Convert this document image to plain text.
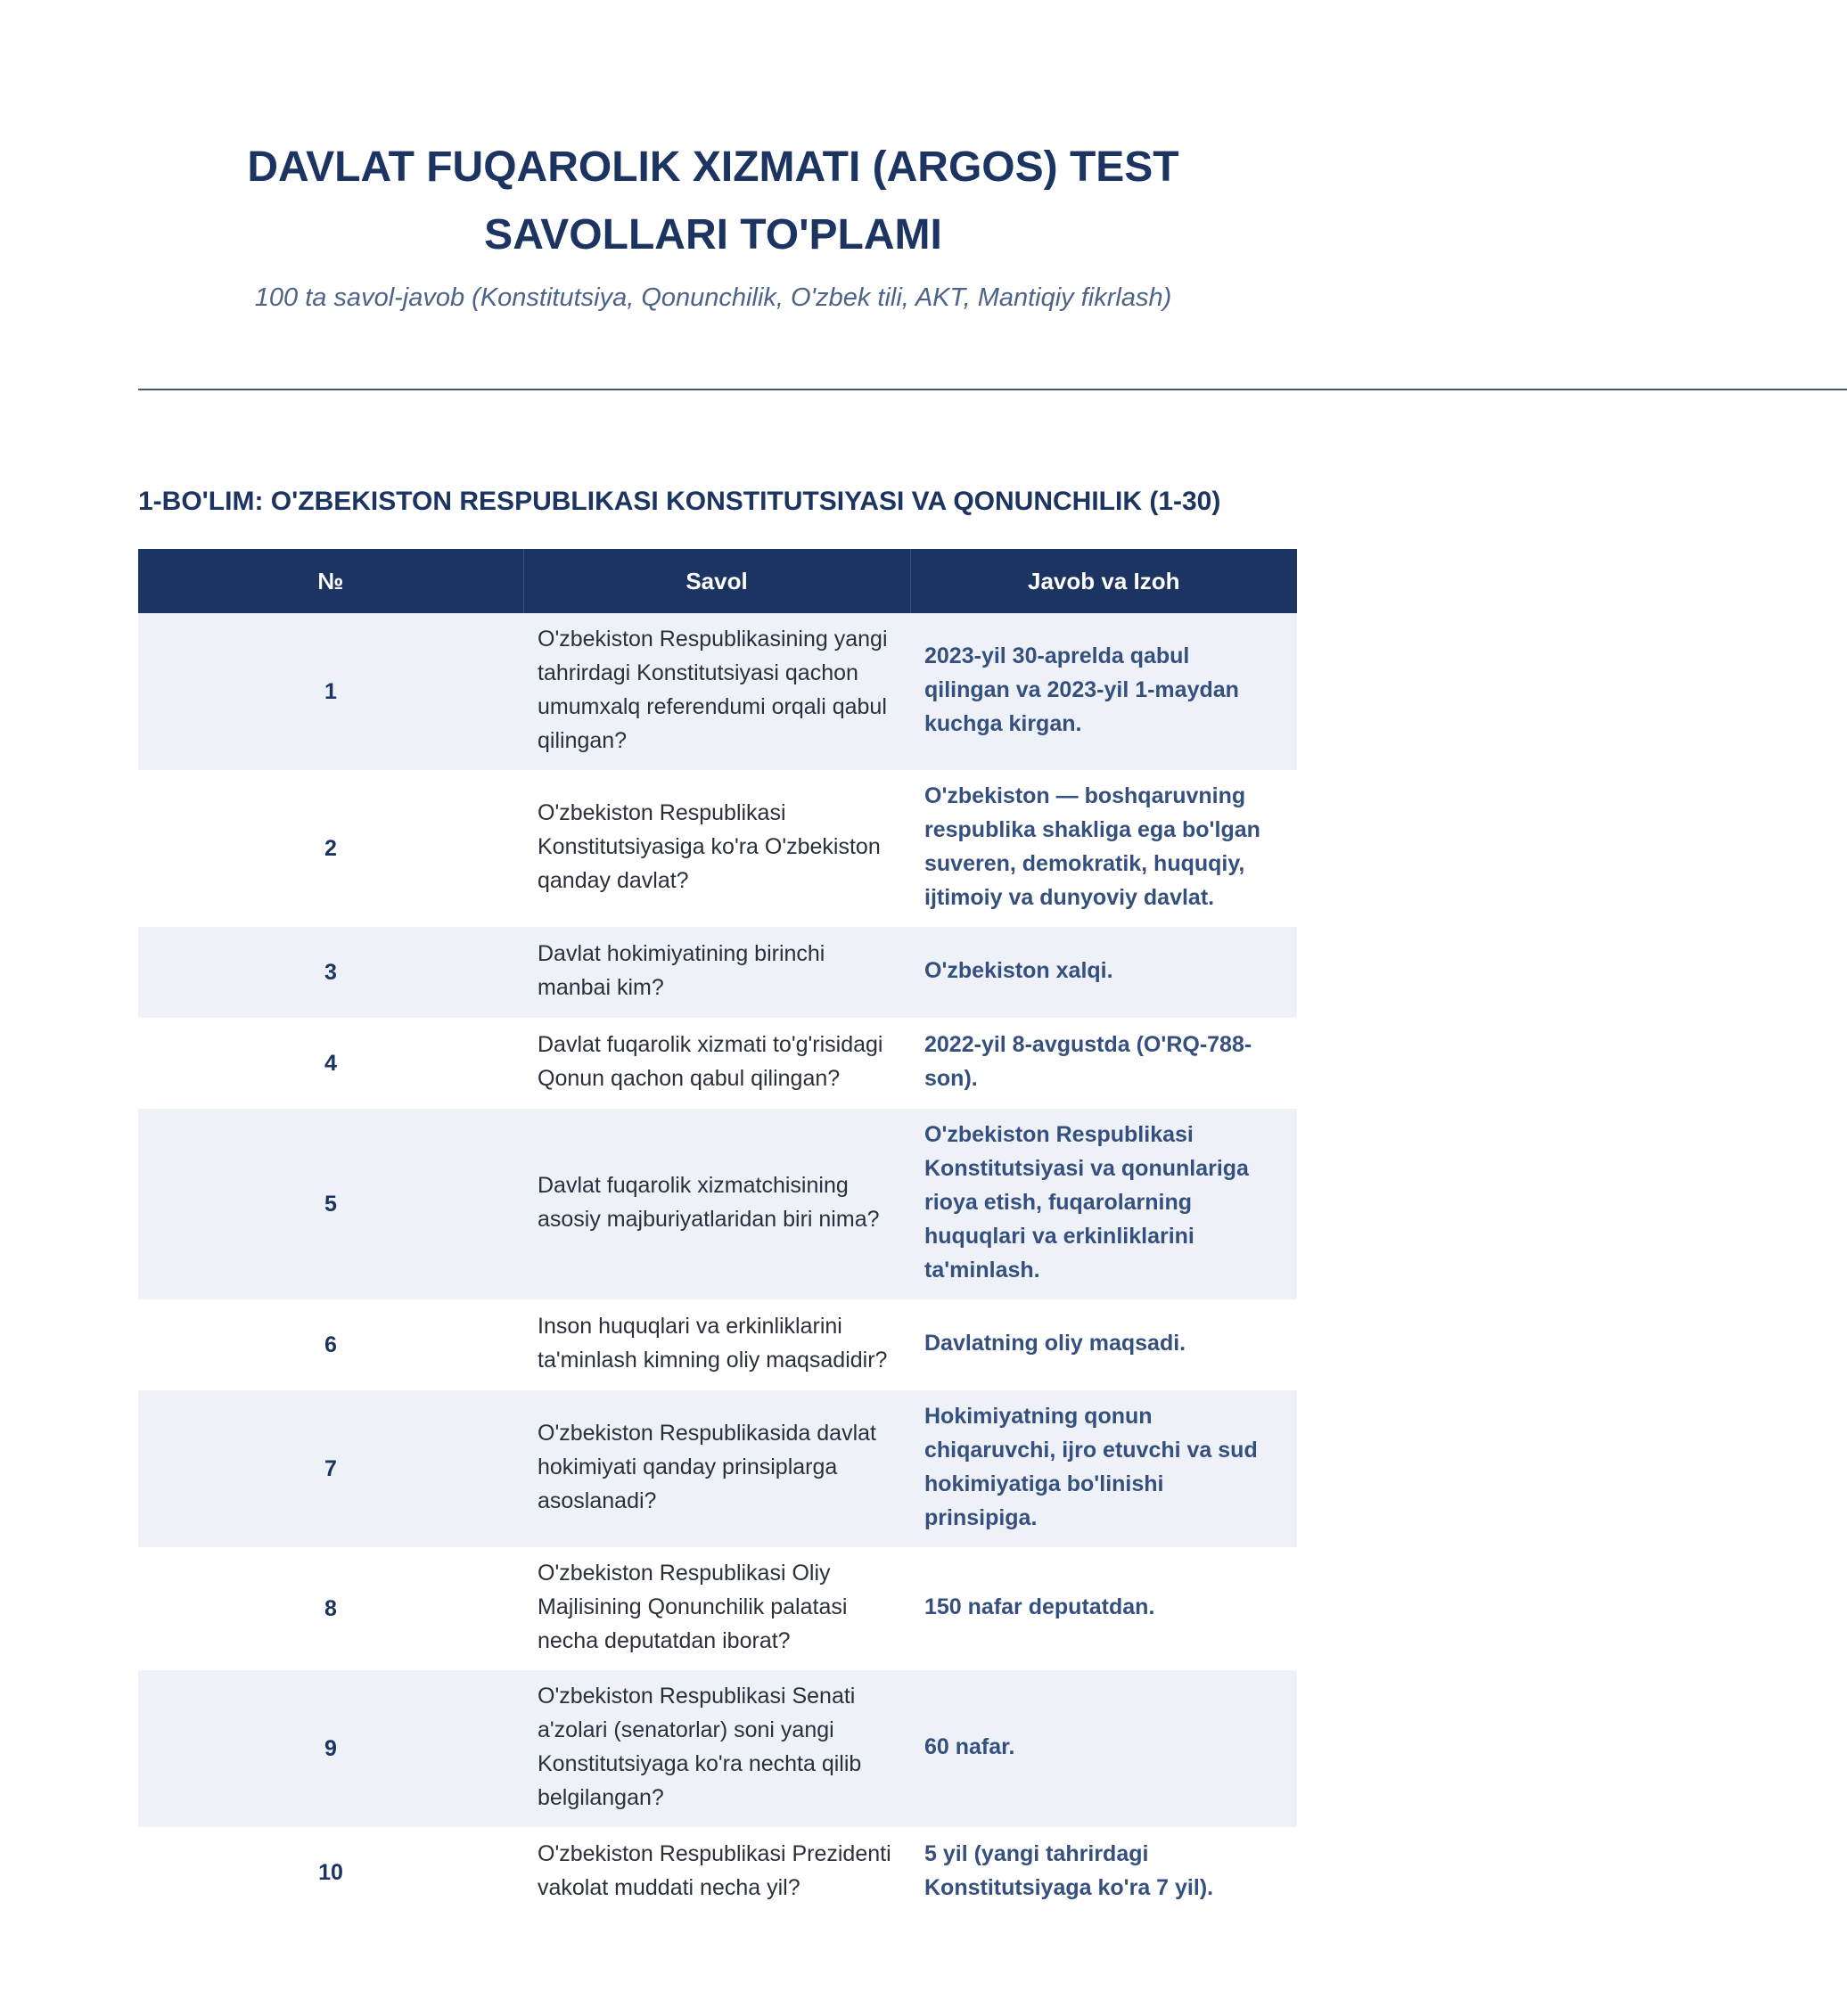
DAVLAT FUQAROLIK XIZMATI (ARGOS) TEST SAVOLLARI TO'PLAMI
100 ta savol-javob (Konstitutsiya, Qonunchilik, O'zbek tili, AKT, Mantiqiy fikrlash)
———————————————————————————————————————————————————————————————————————
1-BO'LIM: O'ZBEKISTON RESPUBLIKASI KONSTITUTSIYASI VA QONUNCHILIK (1-30)
№	Savol	Javob va Izoh
1	O'zbekiston Respublikasining yangi tahrirdagi Konstitutsiyasi qachon umumxalq referendumi orqali qabul qilingan?	2023-yil 30-aprelda qabul qilingan va 2023-yil 1-maydan kuchga kirgan.
2	O'zbekiston Respublikasi Konstitutsiyasiga ko'ra O'zbekiston qanday davlat?	O'zbekiston — boshqaruvning respublika shakliga ega bo'lgan suveren, demokratik, huquqiy, ijtimoiy va dunyoviy davlat.
3	Davlat hokimiyatining birinchi manbai kim?	O'zbekiston xalqi.
4	Davlat fuqarolik xizmati to'g'risidagi Qonun qachon qabul qilingan?	2022-yil 8-avgustda (O'RQ-788-son).
5	Davlat fuqarolik xizmatchisining asosiy majburiyatlaridan biri nima?	O'zbekiston Respublikasi Konstitutsiyasi va qonunlariga rioya etish, fuqarolarning huquqlari va erkinliklarini ta'minlash.
6	Inson huquqlari va erkinliklarini ta'minlash kimning oliy maqsadidir?	Davlatning oliy maqsadi.
7	O'zbekiston Respublikasida davlat hokimiyati qanday prinsiplarga asoslanadi?	Hokimiyatning qonun chiqaruvchi, ijro etuvchi va sud hokimiyatiga bo'linishi prinsipiga.
8	O'zbekiston Respublikasi Oliy Majlisining Qonunchilik palatasi necha deputatdan iborat?	150 nafar deputatdan.
9	O'zbekiston Respublikasi Senati a'zolari (senatorlar) soni yangi Konstitutsiyaga ko'ra nechta qilib belgilangan?	60 nafar.
10	O'zbekiston Respublikasi Prezidenti vakolat muddati necha yil?	5 yil (yangi tahrirdagi Konstitutsiyaga ko'ra 7 yil).
